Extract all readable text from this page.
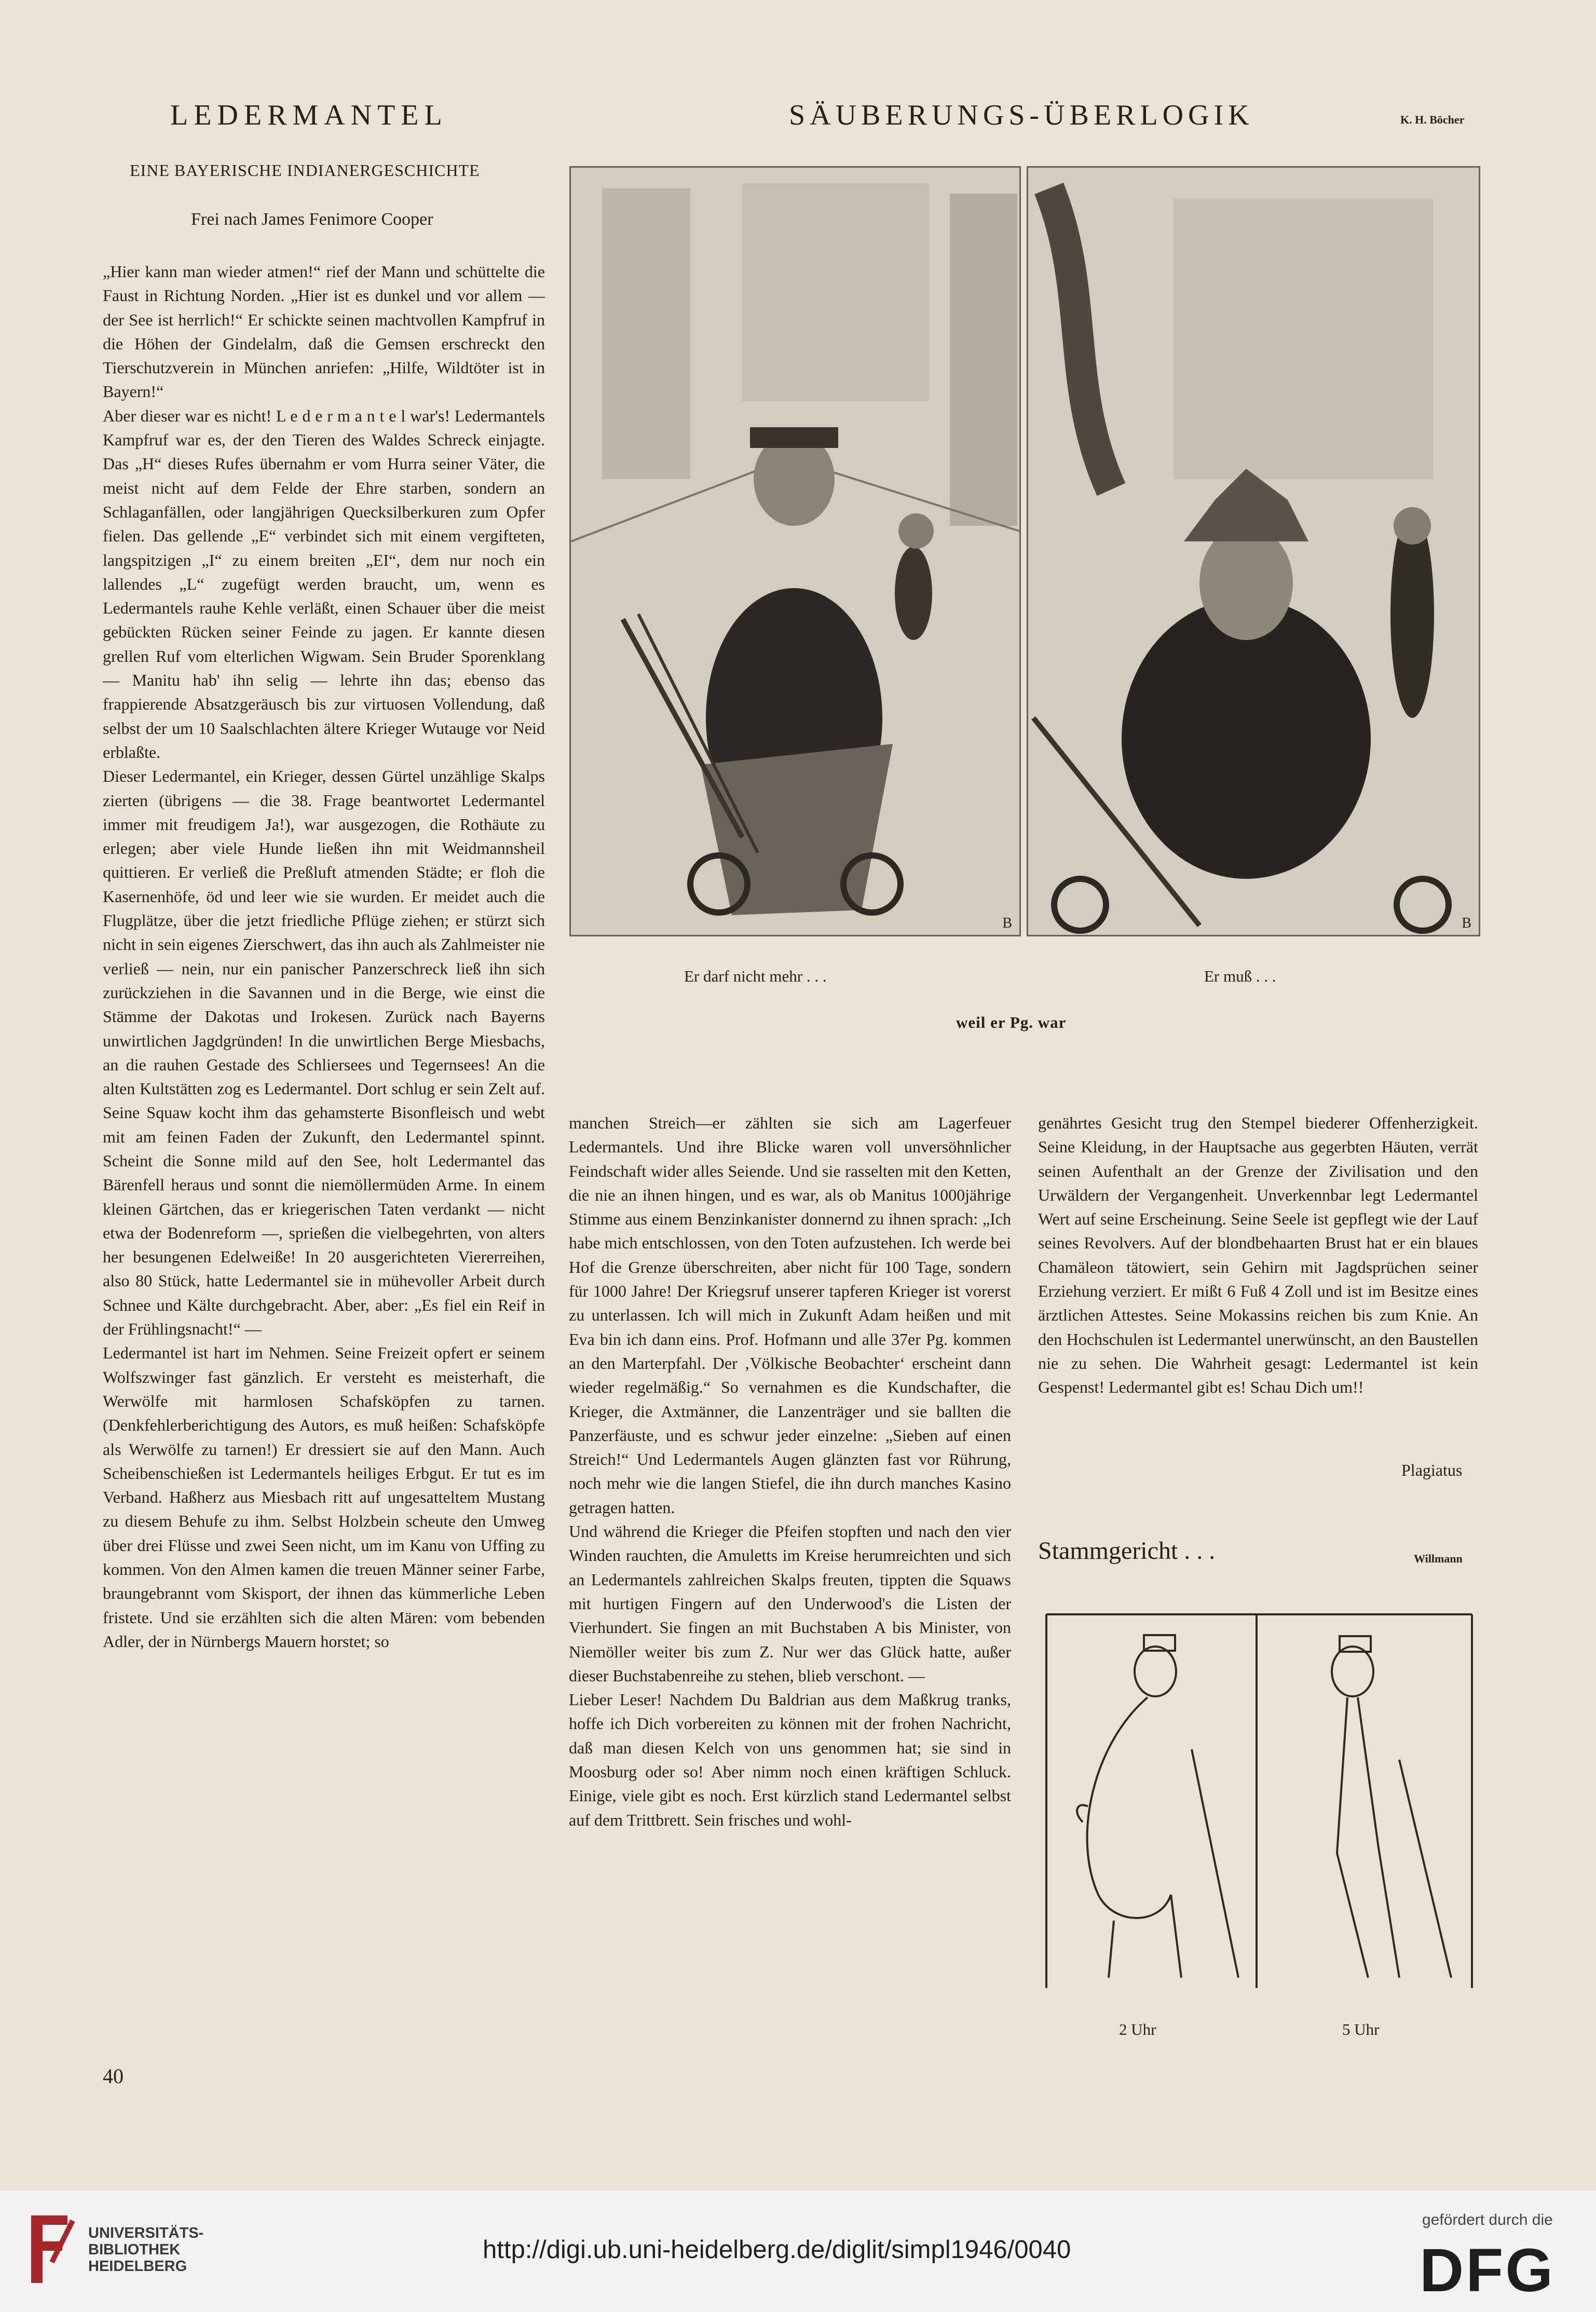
LEDERMANTEL	SÄUBERUNGS-ÜBERLOGIK	K. H. Böcher
EINE BAYERISCHE INDIANERGESCHICHTE
Frei nach James Fenimore Cooper

„Hier kann man wieder atmen!“ rief der Mann und schüttelte die Faust in Richtung Norden. „Hier ist es dunkel und vor allem — der See ist herrlich!“ Er schickte seinen machtvollen Kampfruf in die Höhen der Gindelalm, daß die Gemsen erschreckt den Tierschutzverein in München anriefen: „Hilfe, Wildtöter ist in Bayern!“

Aber dieser war es nicht! L e d e r m a n t e l war's! Ledermantels Kampfruf war es, der den Tieren des Waldes Schreck einjagte. Das „H“ dieses Rufes übernahm er vom Hurra seiner Väter, die meist nicht auf dem Felde der Ehre starben, sondern an Schlaganfällen, oder langjährigen Quecksilberkuren zum Opfer fielen. Das gellende „E“ verbindet sich mit einem vergifteten, langspitzigen „I“ zu einem breiten „EI“, dem nur noch ein lallendes „L“ zugefügt werden braucht, um, wenn es Ledermantels rauhe Kehle verläßt, einen Schauer über die meist gebückten Rücken seiner Feinde zu jagen. Er kannte diesen grellen Ruf vom elterlichen Wigwam. Sein Bruder Sporenklang — Manitu hab' ihn selig — lehrte ihn das; ebenso das frappierende Absatzgeräusch bis zur virtuosen Vollendung, daß selbst der um 10 Saalschlachten ältere Krieger Wutauge vor Neid erblaßte.

Dieser Ledermantel, ein Krieger, dessen Gürtel unzählige Skalps zierten (übrigens — die 38. Frage beantwortet Ledermantel immer mit freudigem Ja!), war ausgezogen, die Rothäute zu erlegen; aber viele Hunde ließen ihn mit Weidmannsheil quittieren. Er verließ die Preßluft atmenden Städte; er floh die Kasernenhöfe, öd und leer wie sie wurden. Er meidet auch die Flugplätze, über die jetzt friedliche Pflüge ziehen; er stürzt sich nicht in sein eigenes Zierschwert, das ihn auch als Zahlmeister nie verließ — nein, nur ein panischer Panzerschreck ließ ihn sich zurückziehen in die Savannen und in die Berge, wie einst die Stämme der Dakotas und Irokesen. Zurück nach Bayerns unwirtlichen Jagdgründen! In die unwirtlichen Berge Miesbachs, an die rauhen Gestade des Schliersees und Tegernsees! An die alten Kultstätten zog es Ledermantel. Dort schlug er sein Zelt auf. Seine Squaw kocht ihm das gehamsterte Bisonfleisch und webt mit am feinen Faden der Zukunft, den Ledermantel spinnt. Scheint die Sonne mild auf den See, holt Ledermantel das Bärenfell heraus und sonnt die niemöllermüden Arme. In einem kleinen Gärtchen, das er kriegerischen Taten verdankt — nicht etwa der Bodenreform —, sprießen die vielbegehrten, von alters her besungenen Edelweiße! In 20 ausgerichteten Viererreihen, also 80 Stück, hatte Ledermantel sie in mühevoller Arbeit durch Schnee und Kälte durchgebracht. Aber, aber: „Es fiel ein Reif in der Frühlingsnacht!“ —

Ledermantel ist hart im Nehmen. Seine Freizeit opfert er seinem Wolfszwinger fast gänzlich. Er versteht es meisterhaft, die Werwölfe mit harmlosen Schafsköpfen zu tarnen. (Denkfehlerberichtigung des Autors, es muß heißen: Schafsköpfe als Werwölfe zu tarnen!) Er dressiert sie auf den Mann. Auch Scheibenschießen ist Ledermantels heiliges Erbgut. Er tut es im Verband. Haßherz aus Miesbach ritt auf ungesatteltem Mustang zu diesem Behufe zu ihm. Selbst Holzbein scheute den Umweg über drei Flüsse und zwei Seen nicht, um im Kanu von Uffing zu kommen. Von den Almen kamen die treuen Männer seiner Farbe, braungebrannt vom Skisport, der ihnen das kümmerliche Leben fristete. Und sie erzählten sich die alten Mären: vom bebenden Adler, der in Nürnbergs Mauern horstet; so

B	B
Er darf nicht mehr . . .	Er muß . . .
weil er Pg. war

manchen Streich—er zählten sie sich am Lagerfeuer Ledermantels. Und ihre Blicke waren voll unversöhnlicher Feindschaft wider alles Seiende. Und sie rasselten mit den Ketten, die nie an ihnen hingen, und es war, als ob Manitus 1000jährige Stimme aus einem Benzinkanister donnernd zu ihnen sprach: „Ich habe mich entschlossen, von den Toten aufzustehen. Ich werde bei Hof die Grenze überschreiten, aber nicht für 100 Tage, sondern für 1000 Jahre! Der Kriegsruf unserer tapferen Krieger ist vorerst zu unterlassen. Ich will mich in Zukunft Adam heißen und mit Eva bin ich dann eins. Prof. Hofmann und alle 37er Pg. kommen an den Marterpfahl. Der ‚Völkische Beobachter‘ erscheint dann wieder regelmäßig.“ So vernahmen es die Kundschafter, die Krieger, die Axtmänner, die Lanzenträger und sie ballten die Panzerfäuste, und es schwur jeder einzelne: „Sieben auf einen Streich!“ Und Ledermantels Augen glänzten fast vor Rührung, noch mehr wie die langen Stiefel, die ihn durch manches Kasino getragen hatten.

Und während die Krieger die Pfeifen stopften und nach den vier Winden rauchten, die Amuletts im Kreise herumreichten und sich an Ledermantels zahlreichen Skalps freuten, tippten die Squaws mit hurtigen Fingern auf den Underwood's die Listen der Vierhundert. Sie fingen an mit Buchstaben A bis Minister, von Niemöller weiter bis zum Z. Nur wer das Glück hatte, außer dieser Buchstabenreihe zu stehen, blieb verschont. —

Lieber Leser! Nachdem Du Baldrian aus dem Maßkrug tranks, hoffe ich Dich vorbereiten zu können mit der frohen Nachricht, daß man diesen Kelch von uns genommen hat; sie sind in Moosburg oder so! Aber nimm noch einen kräftigen Schluck. Einige, viele gibt es noch. Erst kürzlich stand Ledermantel selbst auf dem Trittbrett. Sein frisches und wohl-

genährtes Gesicht trug den Stempel biederer Offenherzigkeit. Seine Kleidung, in der Hauptsache aus gegerbten Häuten, verrät seinen Aufenthalt an der Grenze der Zivilisation und den Urwäldern der Vergangenheit. Unverkennbar legt Ledermantel Wert auf seine Erscheinung. Seine Seele ist gepflegt wie der Lauf seines Revolvers. Auf der blondbehaarten Brust hat er ein blaues Chamäleon tätowiert, sein Gehirn mit Jagdsprüchen seiner Erziehung verziert. Er mißt 6 Fuß 4 Zoll und ist im Besitze eines ärztlichen Attestes. Seine Mokassins reichen bis zum Knie. An den Hochschulen ist Ledermantel unerwünscht, an den Baustellen nie zu sehen. Die Wahrheit gesagt: Ledermantel ist kein Gespenst! Ledermantel gibt es! Schau Dich um!!

Plagiatus
Stammgericht . . .	Willmann
2 Uhr	5 Uhr
40
UNIVERSITÄTS-
BIBLIOTHEK
HEIDELBERG
http://digi.ub.uni-heidelberg.de/diglit/simpl1946/0040
gefördert durch die
DFG
